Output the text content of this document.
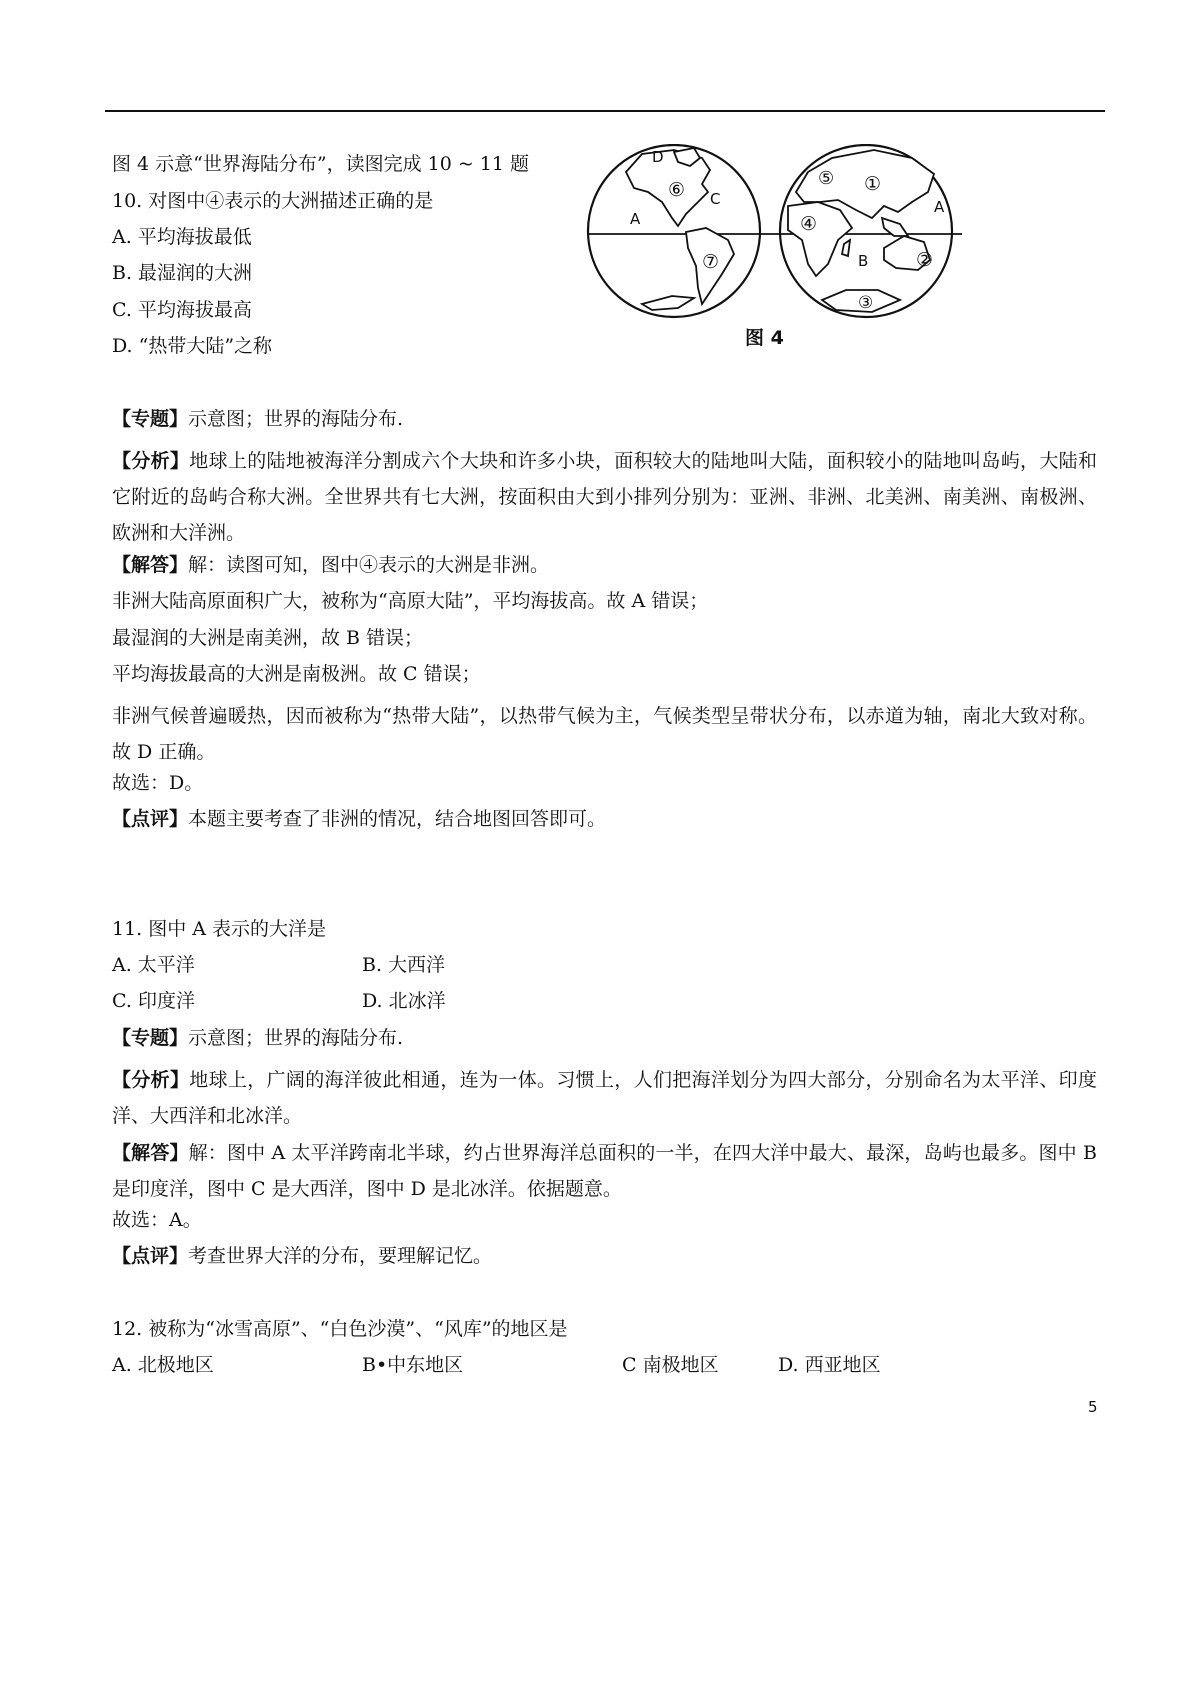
图 4 示意“世界海陆分布”，读图完成 10 ~ 11 题
10. 对图中④表示的大洲描述正确的是
A. 平均海拔最低
B. 最湿润的大洲
C. 平均海拔最高
D. “热带大陆”之称
A
C
D
⑥
⑦
⑤ ①
④
A
B	②
③
图 4
【专题】示意图；世界的海陆分布.
【分析】地球上的陆地被海洋分割成六个大块和许多小块，面积较大的陆地叫大陆，面积较小的陆地叫岛屿，大陆和它附近的岛屿合称大洲。全世界共有七大洲，按面积由大到小排列分别为：亚洲、非洲、北美洲、南美洲、南极洲、欧洲和大洋洲。
【解答】解：读图可知，图中④表示的大洲是非洲。
非洲大陆高原面积广大，被称为“高原大陆”，平均海拔高。故 A 错误；
最湿润的大洲是南美洲，故 B 错误；
平均海拔最高的大洲是南极洲。故 C 错误；
非洲气候普遍暖热，因而被称为“热带大陆”，以热带气候为主，气候类型呈带状分布，以赤道为轴，南北大致对称。故 D 正确。
故选：D。
【点评】本题主要考查了非洲的情况，结合地图回答即可。
11. 图中 A 表示的大洋是
A. 太平洋	B. 大西洋
C. 印度洋	D. 北冰洋
【专题】示意图；世界的海陆分布.
【分析】地球上，广阔的海洋彼此相通，连为一体。习惯上，人们把海洋划分为四大部分，分别命名为太平洋、印度洋、大西洋和北冰洋。
【解答】解：图中 A 太平洋跨南北半球，约占世界海洋总面积的一半，在四大洋中最大、最深，岛屿也最多。图中 B 是印度洋，图中 C 是大西洋，图中 D 是北冰洋。依据题意。
故选：A。
【点评】考查世界大洋的分布，要理解记忆。
12. 被称为“冰雪高原”、“白色沙漠”、“风库”的地区是
A. 北极地区	B•中东地区	C 南极地区	D. 西亚地区
5
